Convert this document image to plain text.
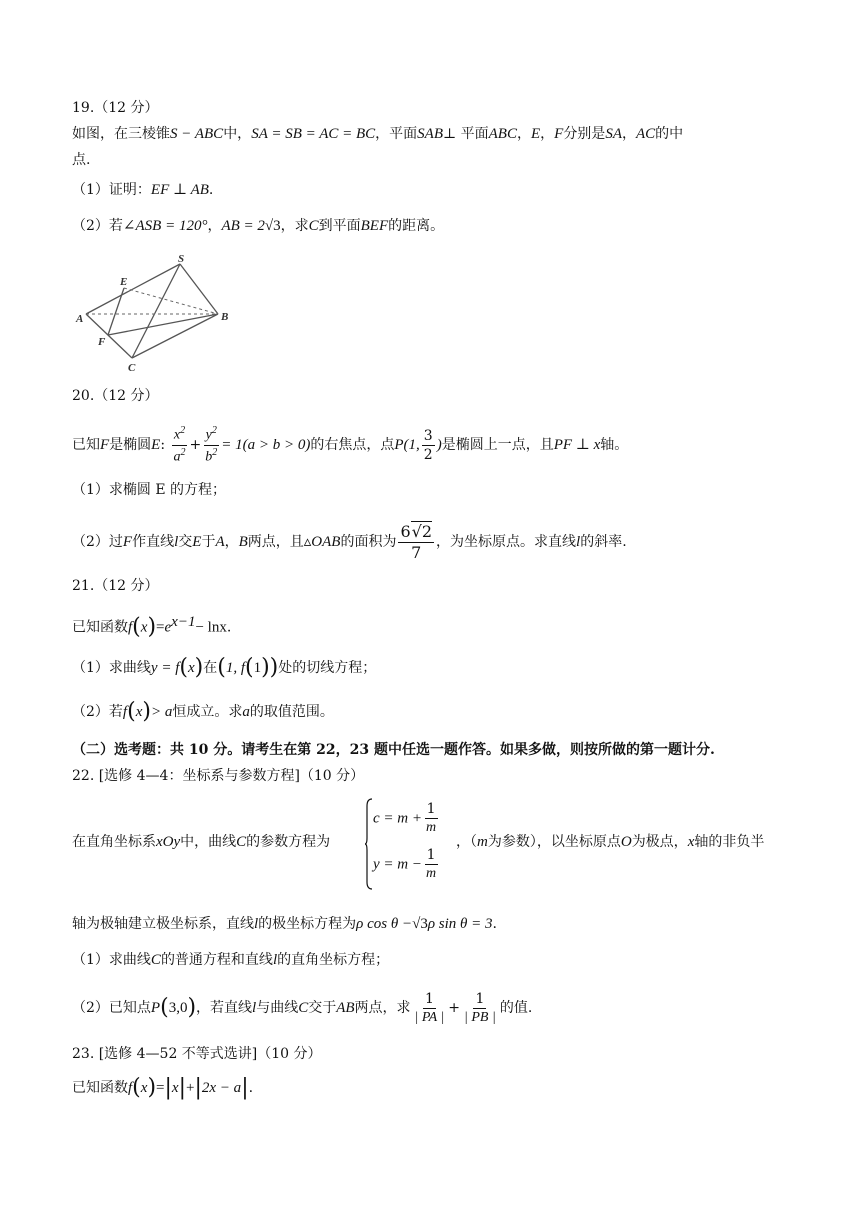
19.（12 分）
如图，在三棱锥S − ABC中，SA = SB = AC = BC，平面SAB⊥ 平面ABC，E，F分别是SA，AC的中
点.
（1）证明：EF ⊥ AB.
（2）若∠ASB = 120°，AB = 2√3，求C到平面BEF的距离。
S
E
A
F
C
B
20.（12 分）
已知F是椭圆E: $\frac{x^2}{a^2} + \frac{y^2}{b^2} = 1(a > b > 0)$的右焦点，点P(1, $\frac{3}{2}$ )是椭圆上一点，且PF ⊥ x轴。
（1）求椭圆 E 的方程；
（2）过F作直线l交E于A，B两点，且▵OAB的面积为 $\frac{6√2}{7}$ ，为坐标原点。求直线l的斜率.
21.（12 分）
已知函数$f(x)=e^{x-1}- \ln x$.
（1）求曲线y = f(x)在(1, f(1))处的切线方程；
（2）若f(x)> a恒成立。求a的取值范围。
（二）选考题：共 10 分。请考生在第 22，23 题中任选一题作答。如果多做，则按所做的第一题计分.
22. [选修 4—4：坐标系与参数方程]（10 分）
在直角坐标系xOy中，曲线C的参数方程为
$c = m + \frac{1}{m}$
$y = m - \frac{1}{m}$
，（m为参数），以坐标原点O为极点，x轴的非负半
轴为极轴建立极坐标系，直线l的极坐标方程为ρ cos θ −√3ρ sin θ = 3.
（1）求曲线C的普通方程和直线l的直角坐标方程；
（2）已知点P(3,0)，若直线l与曲线C交于AB两点，求 $\frac{1}{| PA |} + \frac{1}{| PB |}$ 的值.
23. [选修 4—52 不等式选讲]（10 分）
已知函数f(x)=|x|+|2x − a|.
